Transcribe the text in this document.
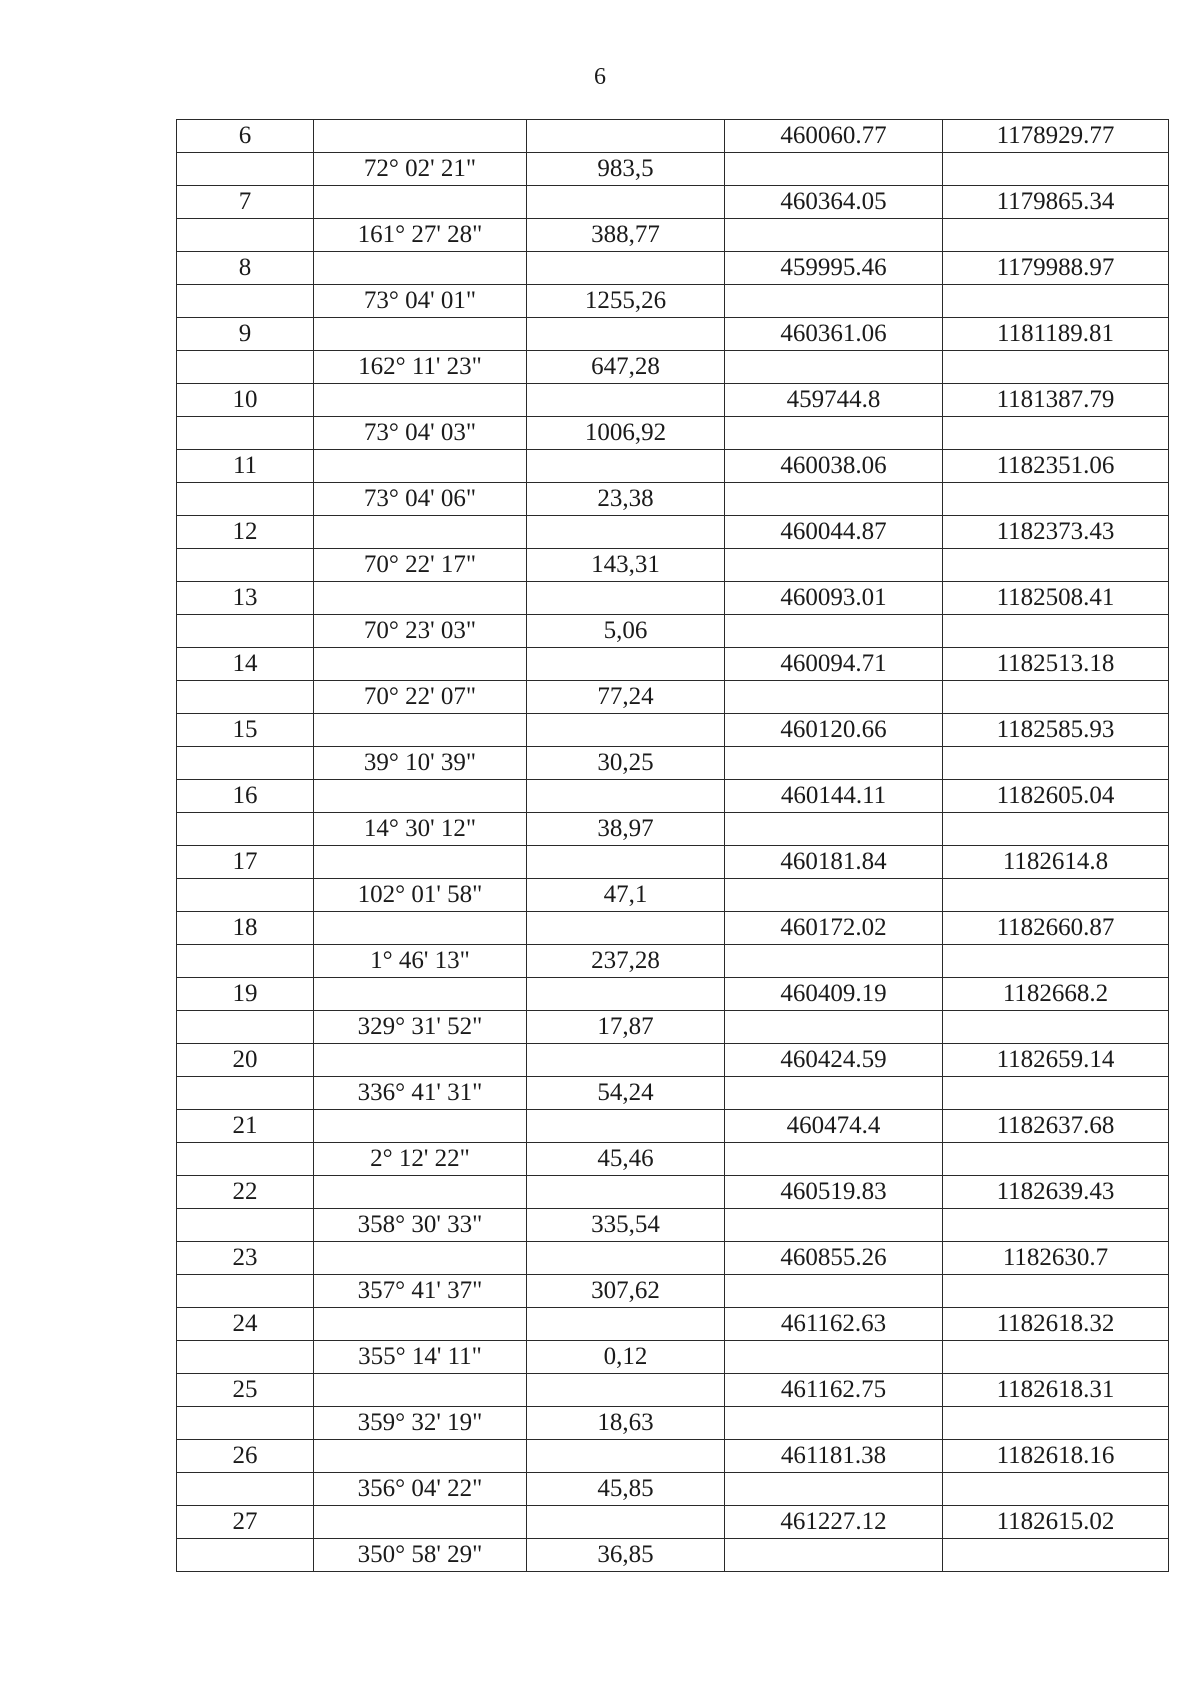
6
6			460060.77	1178929.77
	72° 02' 21"	983,5		
7			460364.05	1179865.34
	161° 27' 28"	388,77		
8			459995.46	1179988.97
	73° 04' 01"	1255,26		
9			460361.06	1181189.81
	162° 11' 23"	647,28		
10			459744.8	1181387.79
	73° 04' 03"	1006,92		
11			460038.06	1182351.06
	73° 04' 06"	23,38		
12			460044.87	1182373.43
	70° 22' 17"	143,31		
13			460093.01	1182508.41
	70° 23' 03"	5,06		
14			460094.71	1182513.18
	70° 22' 07"	77,24		
15			460120.66	1182585.93
	39° 10' 39"	30,25		
16			460144.11	1182605.04
	14° 30' 12"	38,97		
17			460181.84	1182614.8
	102° 01' 58"	47,1		
18			460172.02	1182660.87
	1° 46' 13"	237,28		
19			460409.19	1182668.2
	329° 31' 52"	17,87		
20			460424.59	1182659.14
	336° 41' 31"	54,24		
21			460474.4	1182637.68
	2° 12' 22"	45,46		
22			460519.83	1182639.43
	358° 30' 33"	335,54		
23			460855.26	1182630.7
	357° 41' 37"	307,62		
24			461162.63	1182618.32
	355° 14' 11"	0,12		
25			461162.75	1182618.31
	359° 32' 19"	18,63		
26			461181.38	1182618.16
	356° 04' 22"	45,85		
27			461227.12	1182615.02
	350° 58' 29"	36,85		
